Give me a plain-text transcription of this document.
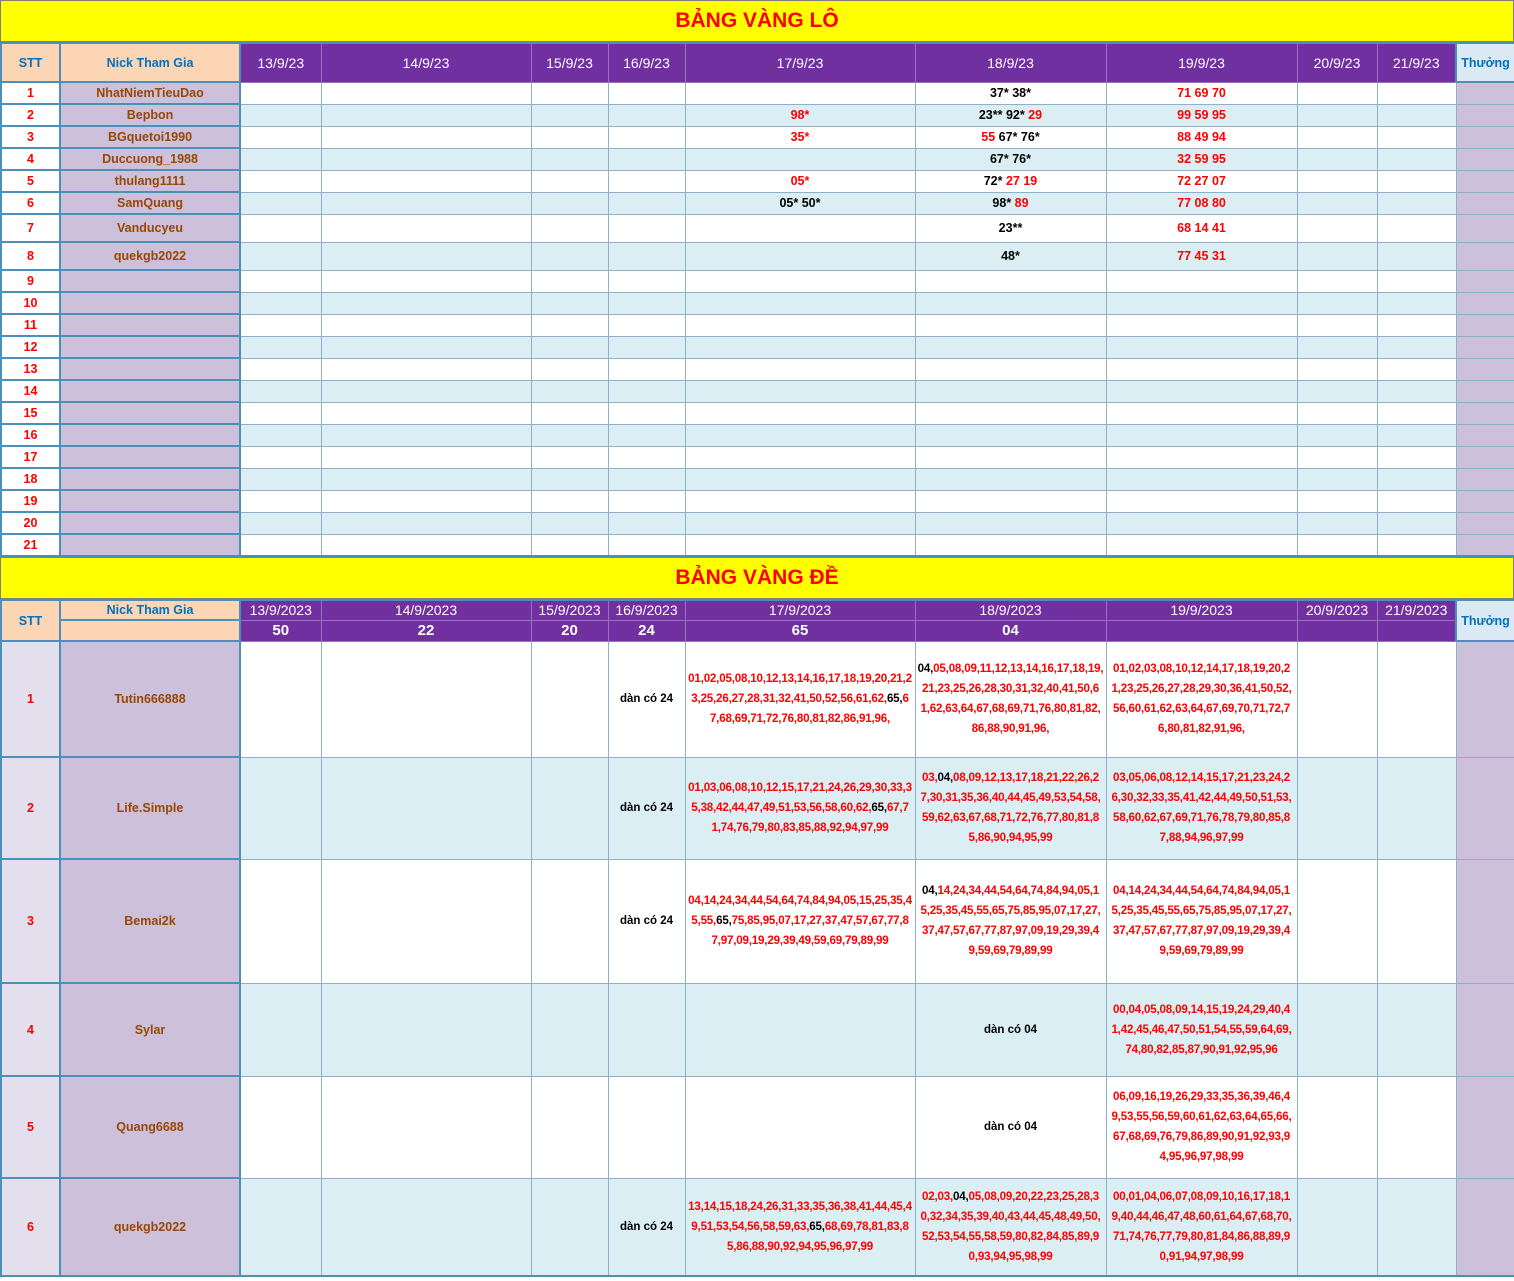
BẢNG VÀNG LÔ
STT	Nick Tham Gia	13/9/23	14/9/23	15/9/23	16/9/23	17/9/23	18/9/23	19/9/23	20/9/23	21/9/23	Thưởng
1	NhatNiemTieuDao						37* 38*	71 69 70			
2	Bepbon					98*	23** 92* 29	99 59 95			
3	BGquetoi1990					35*	55 67* 76*	88 49 94			
4	Duccuong_1988						67* 76*	32 59 95			
5	thulang1111					05*	72* 27 19	72 27 07			
6	SamQuang					05* 50*	98* 89	77 08 80			
7	Vanducyeu						23**	68 14 41			
8	quekgb2022						48*	77 45 31			
9											
10											
11											
12											
13											
14											
15											
16											
17											
18											
19											
20											
21											
BẢNG VÀNG ĐỀ
STT	Nick Tham Gia	13/9/2023	14/9/2023	15/9/2023	16/9/2023	17/9/2023	18/9/2023	19/9/2023	20/9/2023	21/9/2023	Thưởng
		50	22	20	24	65	04				
1	Tutin666888				dàn có 24	01,02,05,08,10,12,13,14,16,17,18,19,20,21,23,25,26,27,28,31,32,41,50,52,56,61,62,65,67,68,69,71,72,76,80,81,82,86,91,96,	04,05,08,09,11,12,13,14,16,17,18,19,21,23,25,26,28,30,31,32,40,41,50,61,62,63,64,67,68,69,71,76,80,81,82,86,88,90,91,96,	01,02,03,08,10,12,14,17,18,19,20,21,23,25,26,27,28,29,30,36,41,50,52,56,60,61,62,63,64,67,69,70,71,72,76,80,81,82,91,96,			
2	Life.Simple				dàn có 24	01,03,06,08,10,12,15,17,21,24,26,29,30,33,35,38,42,44,47,49,51,53,56,58,60,62,65,67,71,74,76,79,80,83,85,88,92,94,97,99	03,04,08,09,12,13,17,18,21,22,26,27,30,31,35,36,40,44,45,49,53,54,58,59,62,63,67,68,71,72,76,77,80,81,85,86,90,94,95,99	03,05,06,08,12,14,15,17,21,23,24,26,30,32,33,35,41,42,44,49,50,51,53,58,60,62,67,69,71,76,78,79,80,85,87,88,94,96,97,99			
3	Bemai2k				dàn có 24	04,14,24,34,44,54,64,74,84,94,05,15,25,35,45,55,65,75,85,95,07,17,27,37,47,57,67,77,87,97,09,19,29,39,49,59,69,79,89,99	04,14,24,34,44,54,64,74,84,94,05,15,25,35,45,55,65,75,85,95,07,17,27,37,47,57,67,77,87,97,09,19,29,39,49,59,69,79,89,99	04,14,24,34,44,54,64,74,84,94,05,15,25,35,45,55,65,75,85,95,07,17,27,37,47,57,67,77,87,97,09,19,29,39,49,59,69,79,89,99			
4	Sylar						dàn có 04	00,04,05,08,09,14,15,19,24,29,40,41,42,45,46,47,50,51,54,55,59,64,69,74,80,82,85,87,90,91,92,95,96			
5	Quang6688						dàn có 04	06,09,16,19,26,29,33,35,36,39,46,49,53,55,56,59,60,61,62,63,64,65,66,67,68,69,76,79,86,89,90,91,92,93,94,95,96,97,98,99			
6	quekgb2022				dàn có 24	13,14,15,18,24,26,31,33,35,36,38,41,44,45,49,51,53,54,56,58,59,63,65,68,69,78,81,83,85,86,88,90,92,94,95,96,97,99	02,03,04,05,08,09,20,22,23,25,28,30,32,34,35,39,40,43,44,45,48,49,50,52,53,54,55,58,59,80,82,84,85,89,90,93,94,95,98,99	00,01,04,06,07,08,09,10,16,17,18,19,40,44,46,47,48,60,61,64,67,68,70,71,74,76,77,79,80,81,84,86,88,89,90,91,94,97,98,99			
